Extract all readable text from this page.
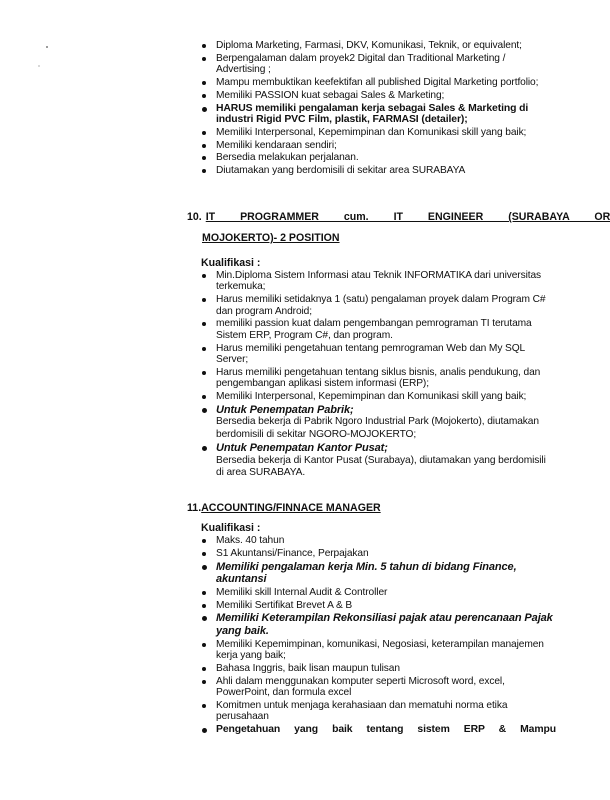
Diploma Marketing, Farmasi, DKV, Komunikasi, Teknik, or equivalent;
Berpengalaman dalam proyek2 Digital dan Traditional Marketing / Advertising ;
Mampu membuktikan keefektifan all published Digital Marketing portfolio;
Memiliki PASSION kuat sebagai Sales & Marketing;
HARUS memiliki pengalaman kerja sebagai Sales & Marketing di industri Rigid PVC Film, plastik, FARMASI (detailer);
Memiliki Interpersonal, Kepemimpinan dan Komunikasi skill yang baik;
Memiliki kendaraan sendiri;
Bersedia melakukan perjalanan.
Diutamakan yang berdomisili di sekitar area SURABAYA
10. IT PROGRAMMER cum. IT ENGINEER (SURABAYA OR
MOJOKERTO)- 2 POSITION
Kualifikasi :
Min.Diploma Sistem Informasi atau Teknik INFORMATIKA dari universitas terkemuka;
Harus memiliki setidaknya 1 (satu) pengalaman proyek dalam Program C# dan program Android;
memiliki passion kuat dalam pengembangan pemrograman TI terutama Sistem ERP, Program C#, dan program.
Harus memiliki pengetahuan tentang pemrograman Web dan My SQL Server;
Harus memiliki pengetahuan tentang siklus bisnis, analis pendukung, dan pengembangan aplikasi sistem informasi (ERP);
Memiliki Interpersonal, Kepemimpinan dan Komunikasi skill yang baik;
Untuk Penempatan Pabrik;
Bersedia bekerja di Pabrik Ngoro Industrial Park (Mojokerto), diutamakan berdomisili di sekitar NGORO-MOJOKERTO;
Untuk Penempatan Kantor Pusat;
Bersedia bekerja di Kantor Pusat (Surabaya), diutamakan yang berdomisili di area SURABAYA.
11.ACCOUNTING/FINNACE MANAGER
Kualifikasi :
Maks. 40 tahun
S1 Akuntansi/Finance, Perpajakan
Memiliki pengalaman kerja Min. 5 tahun di bidang Finance, akuntansi
Memiliki skill Internal Audit & Controller
Memiliki Sertifikat Brevet A & B
Memiliki Keterampilan Rekonsiliasi pajak atau perencanaan Pajak yang baik.
Memiliki Kepemimpinan, komunikasi, Negosiasi, keterampilan manajemen kerja yang baik;
Bahasa Inggris, baik lisan maupun tulisan
Ahli dalam menggunakan komputer seperti Microsoft word, excel, PowerPoint, dan formula excel
Komitmen untuk menjaga kerahasiaan dan mematuhi norma etika perusahaan
Pengetahuan yang baik tentang sistem ERP & Mampu
